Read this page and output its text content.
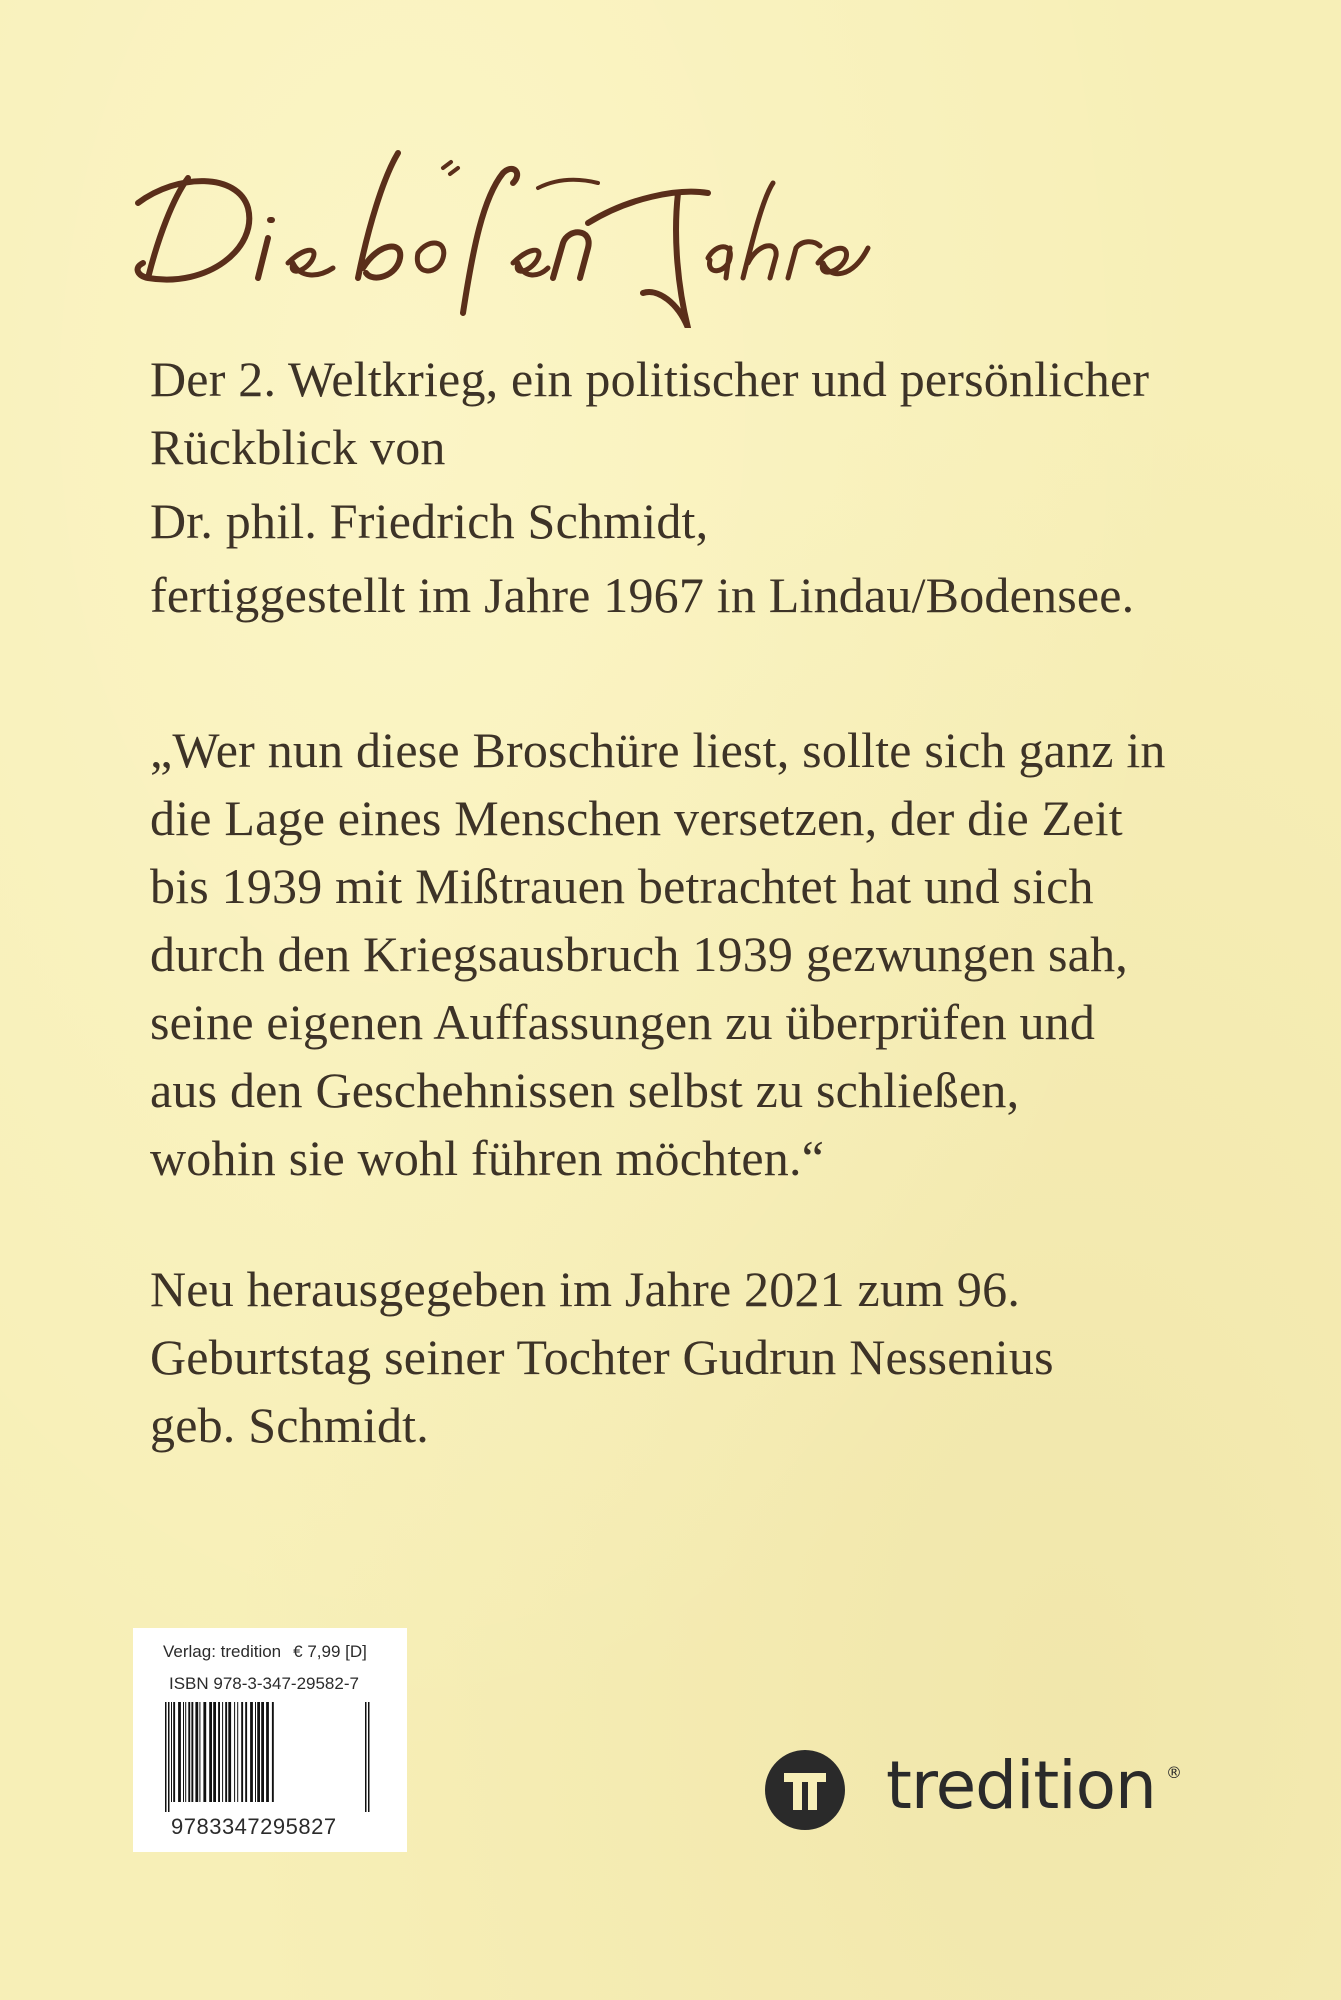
Der 2. Weltkrieg, ein politischer und persönlicher
Rückblick von
Dr. phil. Friedrich Schmidt,
fertiggestellt im Jahre 1967 in Lindau/Bodensee.

„Wer nun diese Broschüre liest, sollte sich ganz in
die Lage eines Menschen versetzen, der die Zeit
bis 1939 mit Mißtrauen betrachtet hat und sich
durch den Kriegsausbruch 1939 gezwungen sah,
seine eigenen Auffassungen zu überprüfen und
aus den Geschehnissen selbst zu schließen,
wohin sie wohl führen möchten.“

Neu herausgegeben im Jahre 2021 zum 96.
Geburtstag seiner Tochter Gudrun Nessenius
geb. Schmidt.

Verlag: tredition € 7,99 [D]
ISBN 978-3-347-29582-7
9783347295827
tredition ®
